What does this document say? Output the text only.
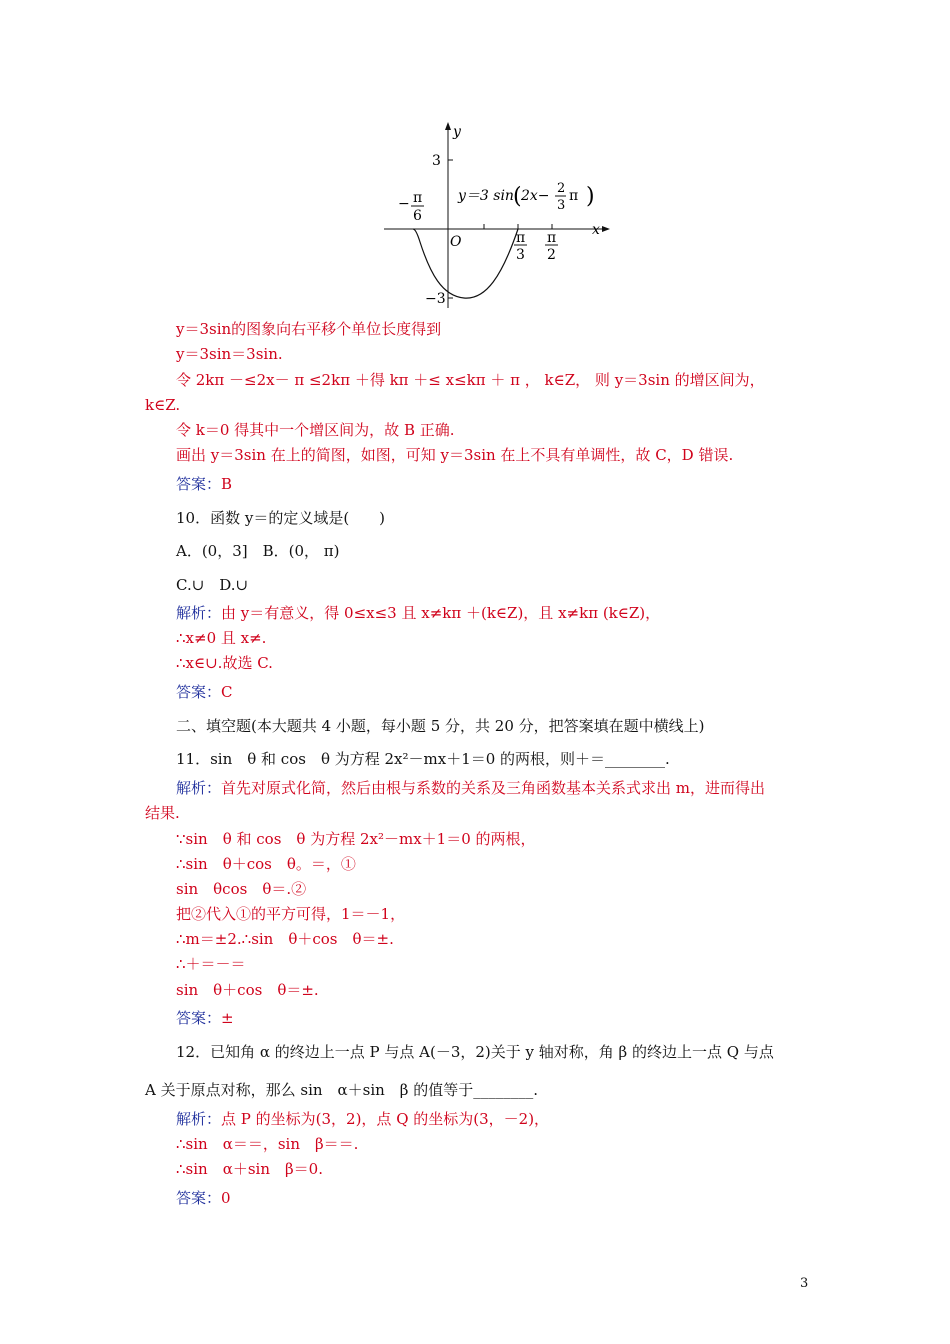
y
x
O
3
−3
− π
6
π
3
π
2
y＝3 sin ( 2x− 2
3
π )
y＝3sin的图象向右平移个单位长度得到
y＝3sin＝3sin.
令 2kπ －≤2x－ π ≤2kπ ＋得 kπ ＋≤ x≤kπ ＋ π ， k∈Z， 则 y＝3sin 的增区间为，
k∈Z.
令 k＝0 得其中一个增区间为，故 B 正确.
画出 y＝3sin 在上的简图，如图，可知 y＝3sin 在上不具有单调性，故 C，D 错误.
答案：B
10．函数 y＝的定义域是(　　)
A．(0，3]　B．(0， π)
C.∪　D.∪
解析：由 y＝有意义，得 0≤x≤3 且 x≠kπ ＋(k∈Z)，且 x≠kπ (k∈Z)，
∴x≠0 且 x≠.
∴x∈∪.故选 C.
答案：C
二、填空题(本大题共 4 小题，每小题 5 分，共 20 分，把答案填在题中横线上)
11．sin　θ 和 cos　θ 为方程 2x²－mx＋1＝0 的两根，则＋＝________.
解析：首先对原式化简，然后由根与系数的关系及三角函数基本关系式求出 m，进而得出
结果.
∵sin　θ 和 cos　θ 为方程 2x²－mx＋1＝0 的两根，
∴sin　θ＋cos　θ。＝，①
sin　θcos　θ＝.②
把②代入①的平方可得，1＝－1，
∴m＝±2.∴sin　θ＋cos　θ＝±.
∴＋＝－＝
sin　θ＋cos　θ＝±.
答案：±
12．已知角 α 的终边上一点 P 与点 A(－3，2)关于 y 轴对称，角 β 的终边上一点 Q 与点
A 关于原点对称，那么 sin　α＋sin　β 的值等于________.
解析：点 P 的坐标为(3，2)，点 Q 的坐标为(3，－2)，
∴sin　α＝＝，sin　β＝＝.
∴sin　α＋sin　β＝0.
答案：0
3
